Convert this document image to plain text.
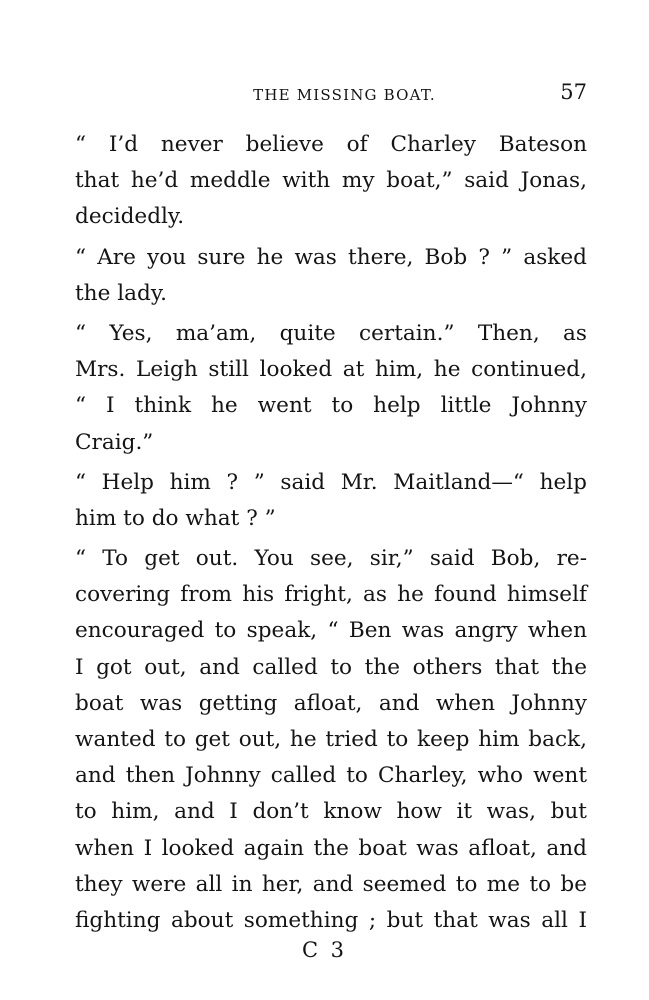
THE MISSING BOAT.	57
“ I’d never believe of Charley Bateson
that he’d meddle with my boat,” said Jonas,
decidedly.
“ Are you sure he was there, Bob ? ” asked
the lady.
“ Yes, ma’am, quite certain.” Then, as
Mrs. Leigh still looked at him, he continued,
“ I think he went to help little Johnny
Craig.”
“ Help him ? ” said Mr. Maitland—“ help
him to do what ? ”
“ To get out. You see, sir,” said Bob, re-
covering from his fright, as he found himself
encouraged to speak, “ Ben was angry when
I got out, and called to the others that the
boat was getting afloat, and when Johnny
wanted to get out, he tried to keep him back,
and then Johnny called to Charley, who went
to him, and I don’t know how it was, but
when I looked again the boat was afloat, and
they were all in her, and seemed to me to be
fighting about something ; but that was all I
C 3
